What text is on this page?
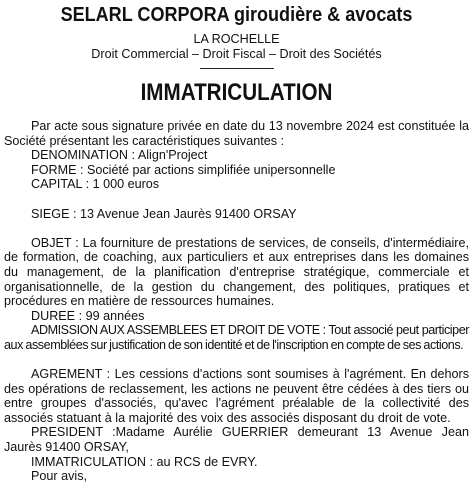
SELARL CORPORA giroudière & avocats
LA ROCHELLE
Droit Commercial – Droit Fiscal – Droit des Sociétés
IMMATRICULATION

Par acte sous signature privée en date du 13 novembre 2024 est constituée la Société présentant les caractéristiques suivantes :

DENOMINATION : Align'Project
FORME : Société par actions simplifiée unipersonnelle
CAPITAL : 1 000 euros
SIEGE : 13 Avenue Jean Jaurès 91400 ORSAY

OBJET : La fourniture de prestations de services, de conseils, d'intermédiaire, de formation, de coaching, aux particuliers et aux entreprises dans les domaines du management, de la planification d'entreprise stratégique, commerciale et organisationnelle, de la gestion du changement, des politiques, pratiques et procédures en matière de ressources humaines.

DUREE : 99 années

ADMISSION AUX ASSEMBLEES ET DROIT DE VOTE : Tout associé peut participer aux assemblées sur justification de son identité et de l'inscription en compte de ses actions.

AGREMENT : Les cessions d'actions sont soumises à l'agrément. En dehors des opérations de reclassement, les actions ne peuvent être cédées à des tiers ou entre groupes d'associés, qu'avec l'agrément préalable de la collectivité des associés statuant à la majorité des voix des associés disposant du droit de vote.

PRESIDENT :Madame Aurélie GUERRIER demeurant 13 Avenue Jean Jaurès 91400 ORSAY,

IMMATRICULATION : au RCS de EVRY.
Pour avis,
